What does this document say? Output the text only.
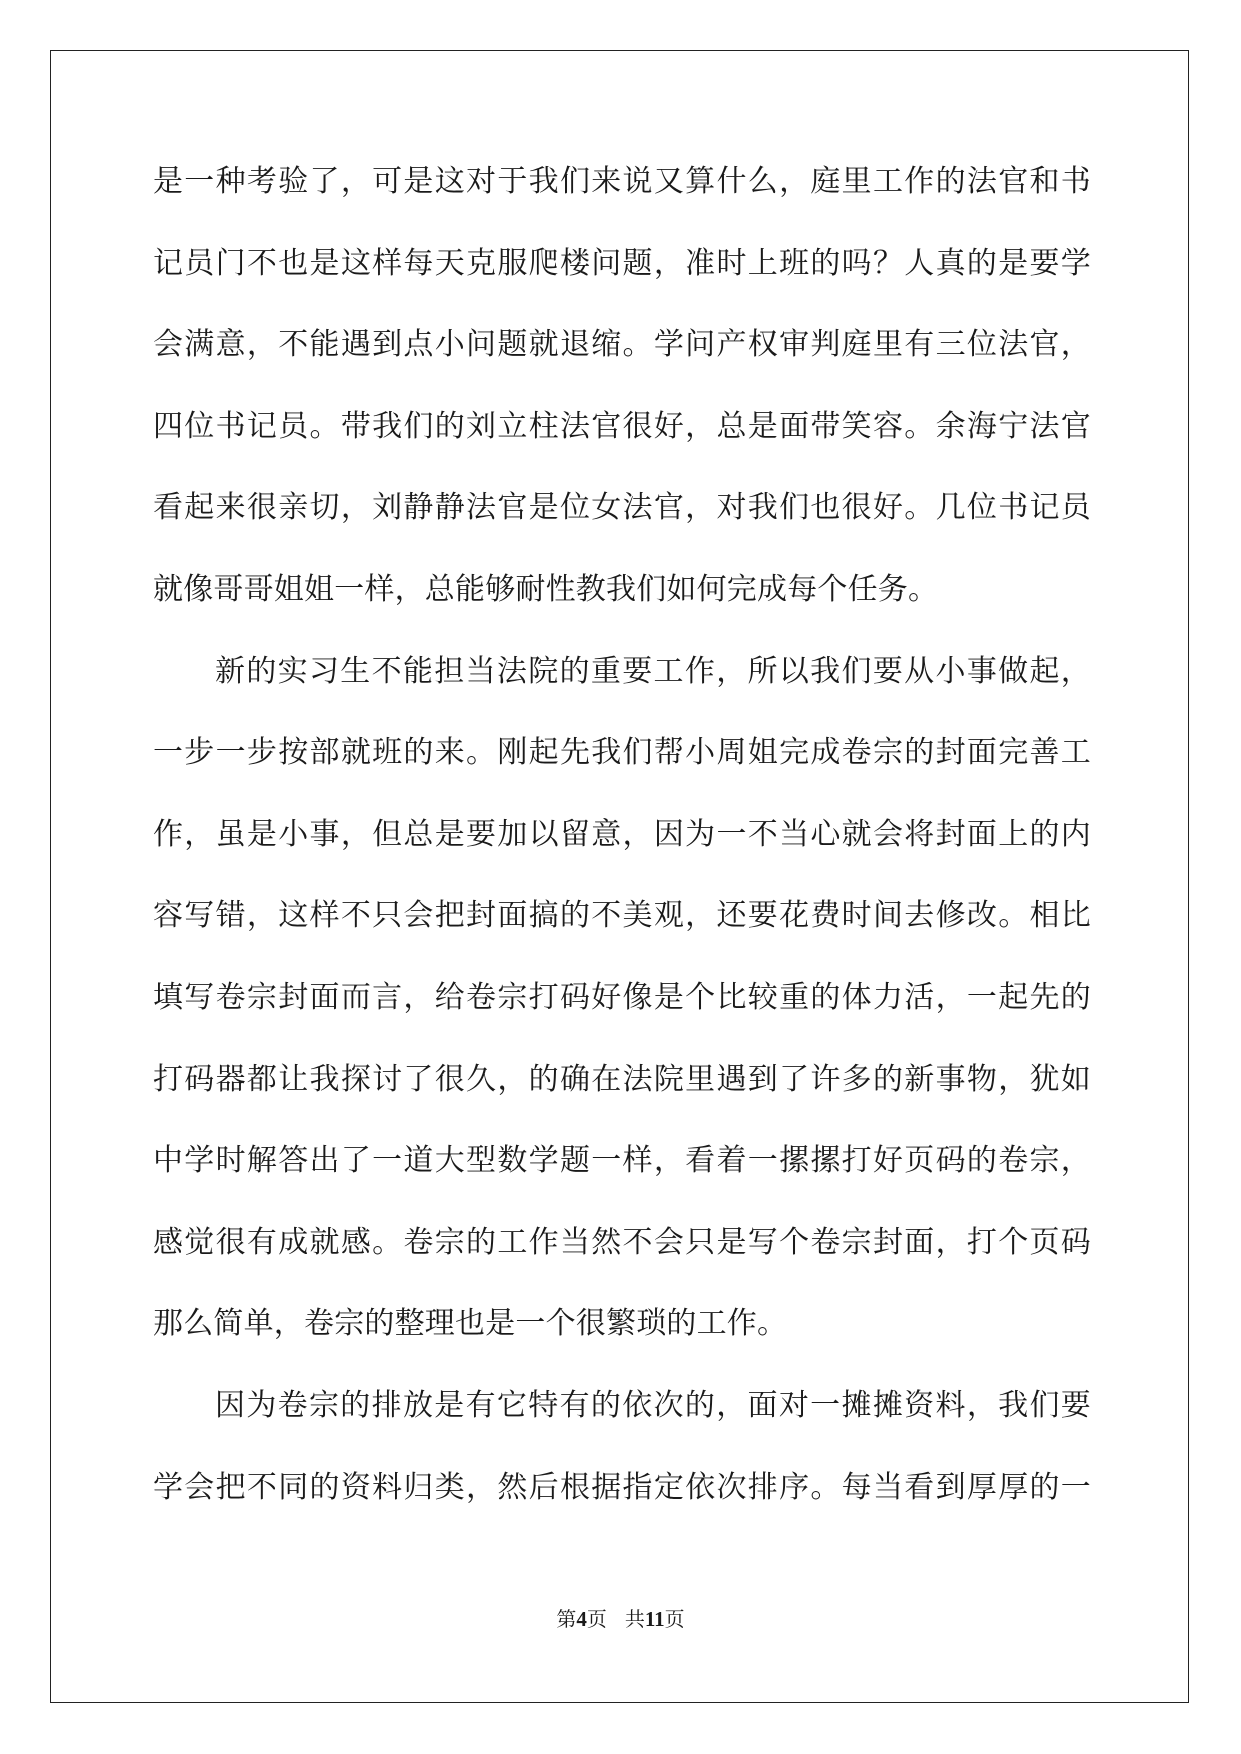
是一种考验了，可是这对于我们来说又算什么，庭里工作的法官和书
记员门不也是这样每天克服爬楼问题，准时上班的吗？人真的是要学
会满意，不能遇到点小问题就退缩。学问产权审判庭里有三位法官，
四位书记员。带我们的刘立柱法官很好，总是面带笑容。余海宁法官
看起来很亲切，刘静静法官是位女法官，对我们也很好。几位书记员
就像哥哥姐姐一样，总能够耐性教我们如何完成每个任务。
新的实习生不能担当法院的重要工作，所以我们要从小事做起，
一步一步按部就班的来。刚起先我们帮小周姐完成卷宗的封面完善工
作，虽是小事，但总是要加以留意，因为一不当心就会将封面上的内
容写错，这样不只会把封面搞的不美观，还要花费时间去修改。相比
填写卷宗封面而言，给卷宗打码好像是个比较重的体力活，一起先的
打码器都让我探讨了很久，的确在法院里遇到了许多的新事物，犹如
中学时解答出了一道大型数学题一样，看着一摞摞打好页码的卷宗，
感觉很有成就感。卷宗的工作当然不会只是写个卷宗封面，打个页码
那么简单，卷宗的整理也是一个很繁琐的工作。
因为卷宗的排放是有它特有的依次的，面对一摊摊资料，我们要
学会把不同的资料归类，然后根据指定依次排序。每当看到厚厚的一
第4页 共11页
